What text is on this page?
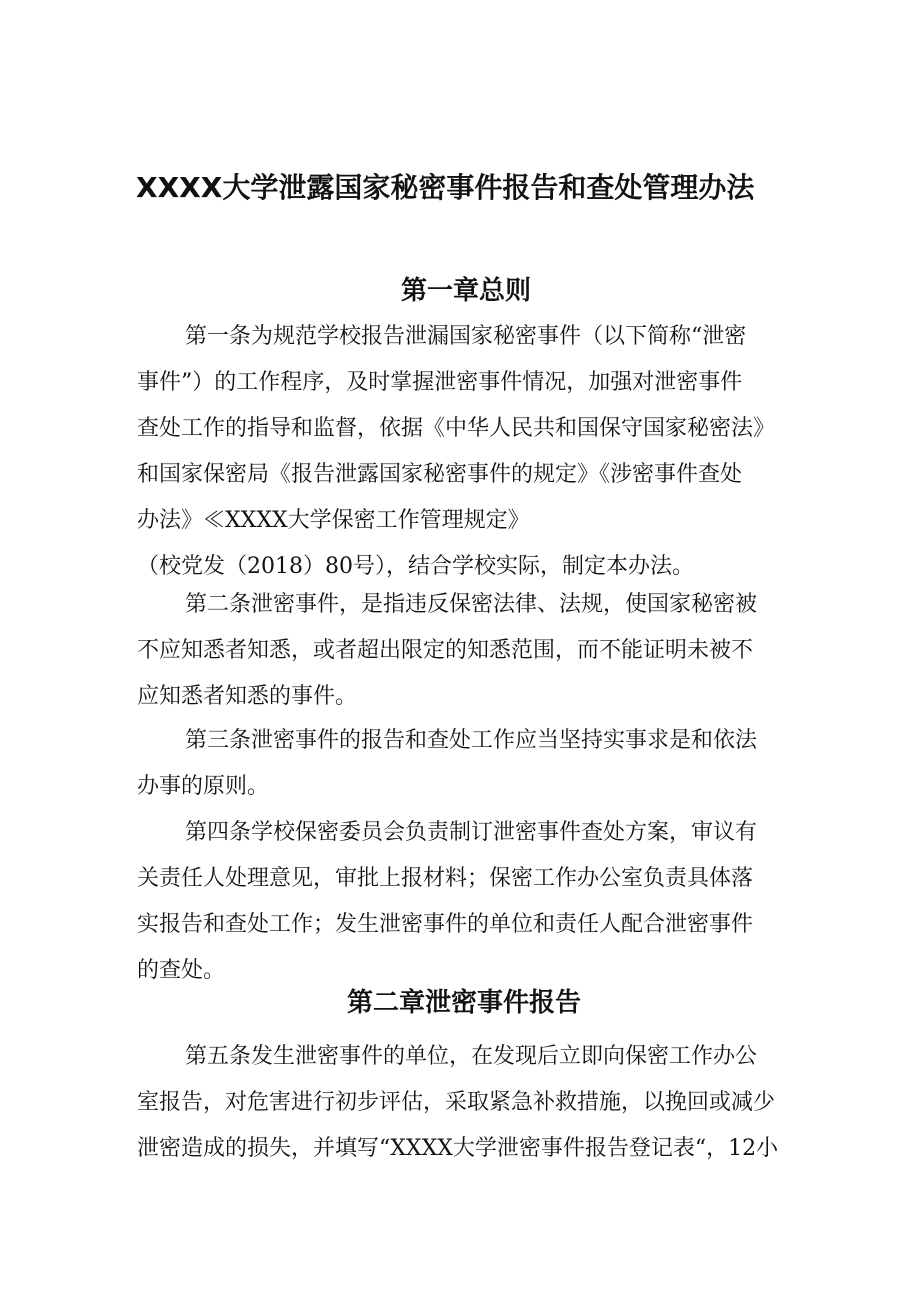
XXXX大学泄露国家秘密事件报告和查处管理办法
第一章总则
第一条为规范学校报告泄漏国家秘密事件（以下简称“泄密
事件”）的工作程序，及时掌握泄密事件情况，加强对泄密事件
查处工作的指导和监督，依据《中华人民共和国保守国家秘密法》
和国家保密局《报告泄露国家秘密事件的规定》《涉密事件查处
办法》≪XXXX大学保密工作管理规定》
（校党发（2018）80号），结合学校实际，制定本办法。
第二条泄密事件，是指违反保密法律、法规，使国家秘密被
不应知悉者知悉，或者超出限定的知悉范围，而不能证明未被不
应知悉者知悉的事件。
第三条泄密事件的报告和查处工作应当坚持实事求是和依法
办事的原则。
第四条学校保密委员会负责制订泄密事件查处方案，审议有
关责任人处理意见，审批上报材料；保密工作办公室负责具体落
实报告和查处工作；发生泄密事件的单位和责任人配合泄密事件
的查处。
第二章泄密事件报告
第五条发生泄密事件的单位，在发现后立即向保密工作办公
室报告，对危害进行初步评估，采取紧急补救措施，以挽回或减少
泄密造成的损失，并填写“XXXX大学泄密事件报告登记表“，12小
